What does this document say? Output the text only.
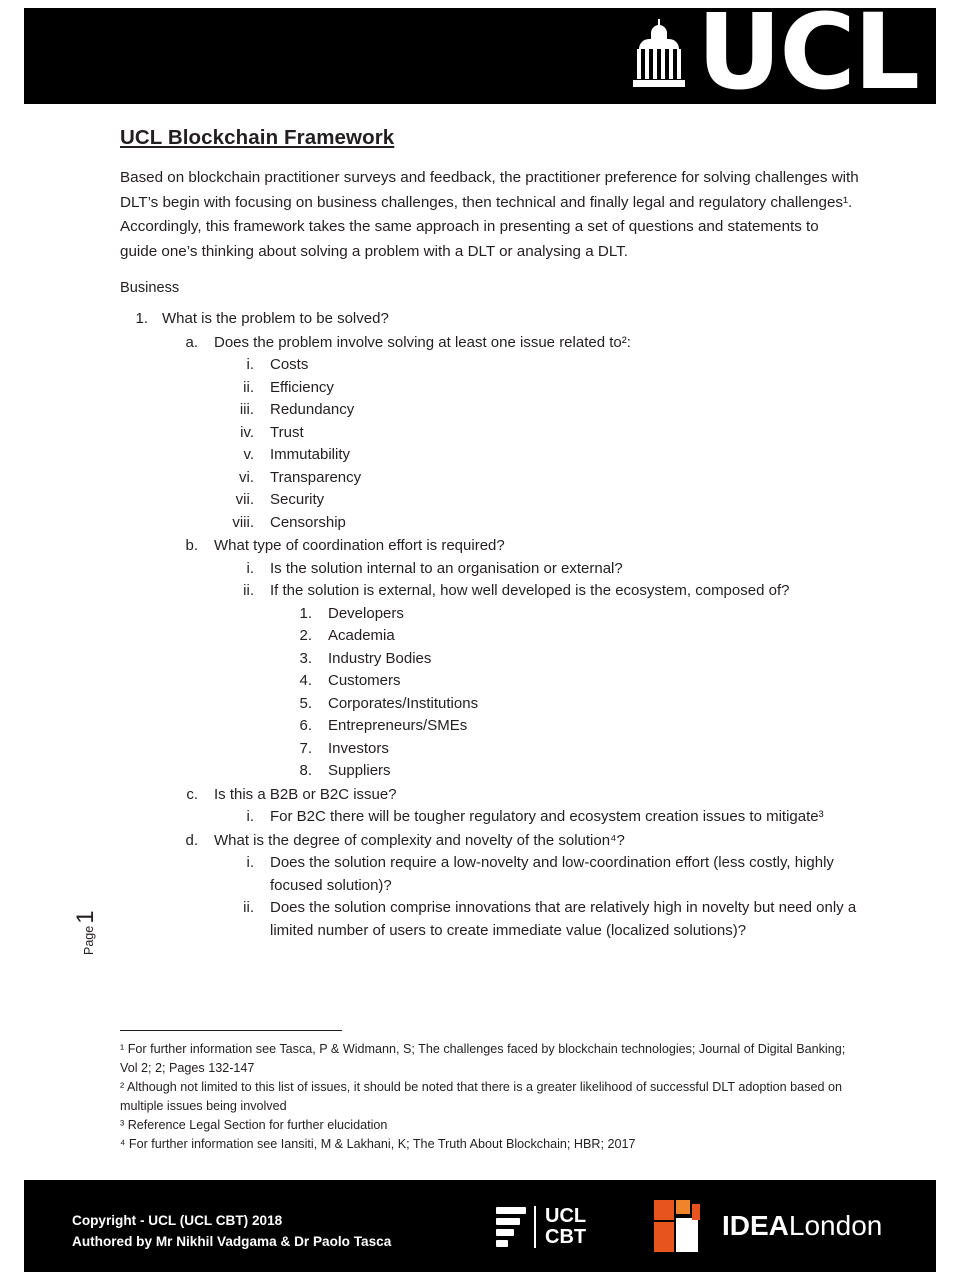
UCL
UCL Blockchain Framework

Based on blockchain practitioner surveys and feedback, the practitioner preference for solving challenges with DLT’s begin with focusing on business challenges, then technical and finally legal and regulatory challenges¹. Accordingly, this framework takes the same approach in presenting a set of questions and statements to guide one’s thinking about solving a problem with a DLT or analysing a DLT.

Business

1. What is the problem to be solved?
a. Does the problem involve solving at least one issue related to²:
i. Costs
ii. Efficiency
iii. Redundancy
iv. Trust
v. Immutability
vi. Transparency
vii. Security
viii. Censorship
b. What type of coordination effort is required?
i. Is the solution internal to an organisation or external?
ii. If the solution is external, how well developed is the ecosystem, composed of?
1. Developers
2. Academia
3. Industry Bodies
4. Customers
5. Corporates/Institutions
6. Entrepreneurs/SMEs
7. Investors
8. Suppliers
c. Is this a B2B or B2C issue?
i. For B2C there will be tougher regulatory and ecosystem creation issues to mitigate³
d. What is the degree of complexity and novelty of the solution⁴?
i. Does the solution require a low-novelty and low-coordination effort (less costly, highly focused solution)?
ii. Does the solution comprise innovations that are relatively high in novelty but need only a limited number of users to create immediate value (localized solutions)?
Page
1

¹ For further information see Tasca, P & Widmann, S; The challenges faced by blockchain technologies; Journal of Digital Banking; Vol 2; 2; Pages 132-147

² Although not limited to this list of issues, it should be noted that there is a greater likelihood of successful DLT adoption based on multiple issues being involved

³ Reference Legal Section for further elucidation

⁴ For further information see Iansiti, M & Lakhani, K; The Truth About Blockchain; HBR; 2017

Copyright - UCL (UCL CBT) 2018
Authored by Mr Nikhil Vadgama & Dr Paolo Tasca
UCL
CBT	IDEALondon
